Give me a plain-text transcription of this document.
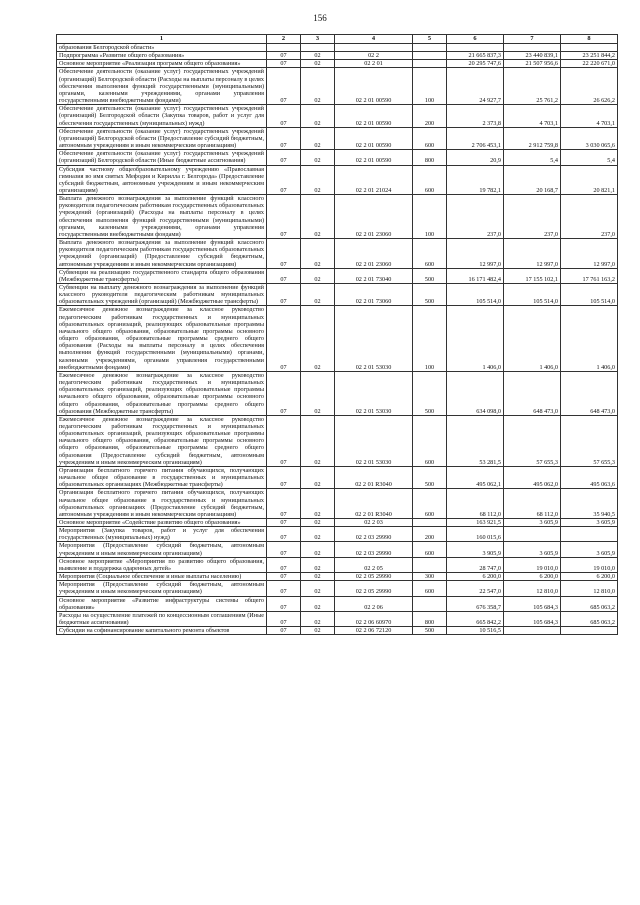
156
1	2	3	4	5	6	7	8
образования Белгородской области»							
Подпрограмма «Развитие общего образования»	07	02	02 2		21 665 837,3	23 440 839,1	23 251 844,2
Основное мероприятие «Реализация программ общего образования»	07	02	02 2 01		20 295 747,6	21 507 956,6	22 220 671,0
Обеспечение деятельности (оказание услуг) государственных учреждений (организаций) Белгородской области (Расходы на выплаты персоналу в целях обеспечения выполнения функций государственными (муниципальными) органами, казенными учреждениями, органами управления государственными внебюджетными фондами)	07	02	02 2 01 00590	100	24 927,7	25 761,2	26 626,2
Обеспечение деятельности (оказание услуг) государственных учреждений (организаций) Белгородской области (Закупка товаров, работ и услуг для обеспечения государственных (муниципальных) нужд)	07	02	02 2 01 00590	200	2 373,8	4 703,1	4 703,1
Обеспечение деятельности (оказание услуг) государственных учреждений (организаций) Белгородской области (Предоставление субсидий бюджетным, автономным учреждениям и иным некоммерческим организациям)	07	02	02 2 01 00590	600	2 706 453,1	2 912 759,8	3 030 065,6
Обеспечение деятельности (оказание услуг) государственных учреждений (организаций) Белгородской области (Иные бюджетные ассигнования)	07	02	02 2 01 00590	800	20,9	5,4	5,4
Субсидия частному общеобразовательному учреждению «Православная гимназия во имя святых Мефодия и Кирилла г. Белгорода» (Предоставление субсидий бюджетным, автономным учреждениям и иным некоммерческим организациям)	07	02	02 2 01 21024	600	19 782,1	20 168,7	20 821,1
Выплата денежного вознаграждения за выполнение функций классного руководителя педагогическим работникам государственных образовательных учреждений (организаций) (Расходы на выплаты персоналу в целях обеспечения выполнения функций государственными (муниципальными) органами, казенными учреждениями, органами управления государственными внебюджетными фондами)	07	02	02 2 01 23060	100	237,0	237,0	237,0
Выплата денежного вознаграждения за выполнение функций классного руководителя педагогическим работникам государственных образовательных учреждений (организаций) (Предоставление субсидий бюджетным, автономным учреждениям и иным некоммерческим организациям)	07	02	02 2 01 23060	600	12 997,0	12 997,0	12 997,0
Субвенции на реализацию государственного стандарта общего образования (Межбюджетные трансферты)	07	02	02 2 01 73040	500	16 171 482,4	17 155 102,1	17 761 163,2
Субвенции на выплату денежного вознаграждения за выполнение функций классного руководителя педагогическим работникам муниципальных образовательных учреждений (организаций) (Межбюджетные трансферты)	07	02	02 2 01 73060	500	105 514,0	105 514,0	105 514,0
Ежемесячное денежное вознаграждение за классное руководство педагогическим работникам государственных и муниципальных образовательных организаций, реализующих образовательные программы начального общего образования, образовательные программы основного общего образования, образовательные программы среднего общего образования (Расходы на выплаты персоналу в целях обеспечения выполнения функций государственными (муниципальными) органами, казенными учреждениями, органами управления государственными внебюджетными фондами)	07	02	02 2 01 53030	100	1 406,0	1 406,0	1 406,0
Ежемесячное денежное вознаграждение за классное руководство педагогическим работникам государственных и муниципальных образовательных организаций, реализующих образовательные программы начального общего образования, образовательные программы основного общего образования, образовательные программы среднего общего образования (Межбюджетные трансферты)	07	02	02 2 01 53030	500	634 098,0	648 473,0	648 473,0
Ежемесячное денежное вознаграждение за классное руководство педагогическим работникам государственных и муниципальных образовательных организаций, реализующих образовательные программы начального общего образования, образовательные программы основного общего образования, образовательные программы среднего общего образования (Предоставление субсидий бюджетным, автономным учреждениям и иным некоммерческим организациям)	07	02	02 2 01 53030	600	53 281,5	57 655,3	57 655,3
Организация бесплатного горячего питания обучающихся, получающих начальное общее образование в государственных и муниципальных образовательных организациях (Межбюджетные трансферты)	07	02	02 2 01 R3040	500	495 062,1	495 062,0	495 063,6
Организация бесплатного горячего питания обучающихся, получающих начальное общее образование в государственных и муниципальных образовательных организациях (Предоставление субсидий бюджетным, автономным учреждениям и иным некоммерческим организациям)	07	02	02 2 01 R3040	600	68 112,0	68 112,0	35 940,5
Основное мероприятие «Содействие развитию общего образования»	07	02	02 2 03		163 921,5	3 605,9	3 605,9
Мероприятия (Закупка товаров, работ и услуг для обеспечения государственных (муниципальных) нужд)	07	02	02 2 03 29990	200	160 015,6		
Мероприятия (Предоставление субсидий бюджетным, автономным учреждениям и иным некоммерческим организациям)	07	02	02 2 03 29990	600	3 905,9	3 605,9	3 605,9
Основное мероприятие «Мероприятия по развитию общего образования, выявление и поддержка одаренных детей»	07	02	02 2 05		28 747,0	19 010,0	19 010,0
Мероприятия (Социальное обеспечение и иные выплаты населению)	07	02	02 2 05 29990	300	6 200,0	6 200,0	6 200,0
Мероприятия (Предоставление субсидий бюджетным, автономным учреждениям и иным некоммерческим организациям)	07	02	02 2 05 29990	600	22 547,0	12 810,0	12 810,0
Основное мероприятие «Развитие инфраструктуры системы общего образования»	07	02	02 2 06		676 358,7	105 684,3	685 063,2
Расходы на осуществление платежей по концессионным соглашениям (Иные бюджетные ассигнования)	07	02	02 2 06 60970	800	665 842,2	105 684,3	685 063,2
Субсидии на софинансирование капитального ремонта объектов	07	02	02 2 06 72120	500	10 516,5		
